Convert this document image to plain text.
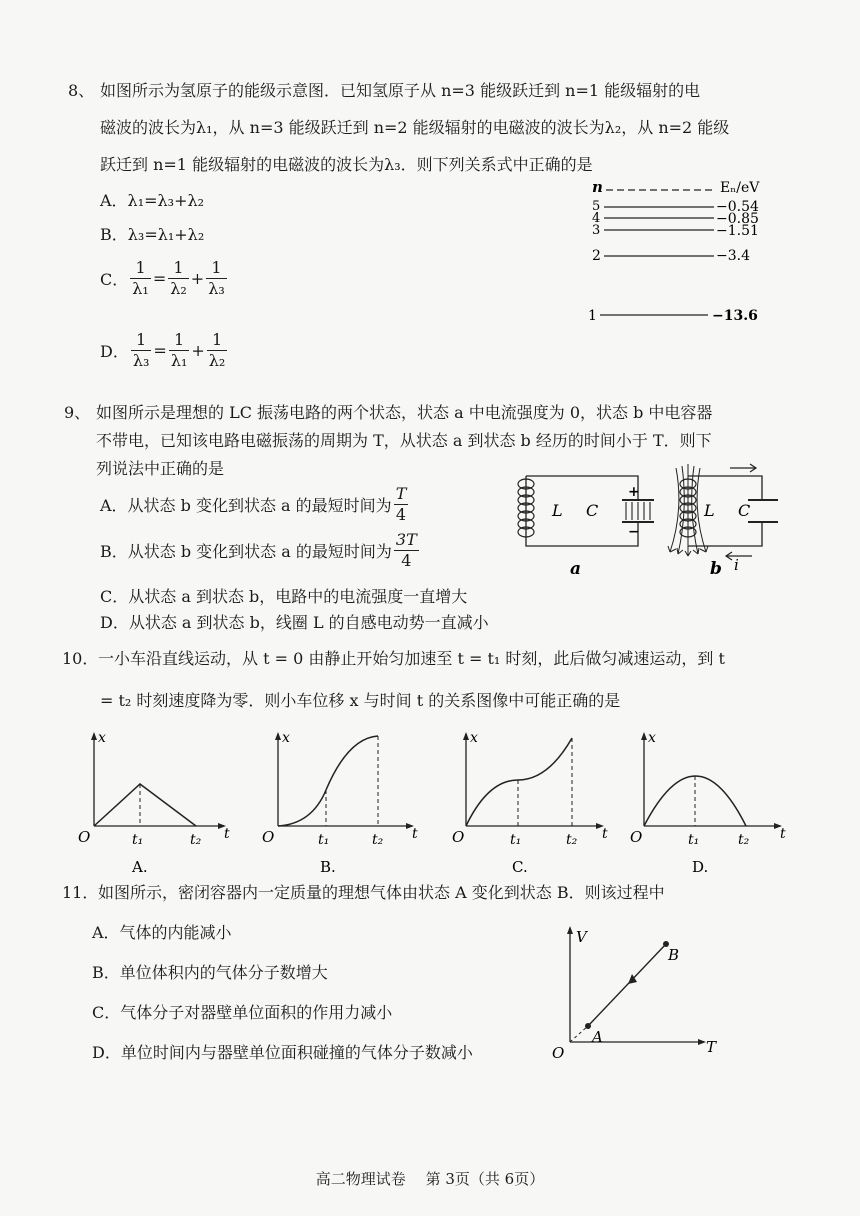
8、 如图所示为氢原子的能级示意图．已知氢原子从 n=3 能级跃迁到 n=1 能级辐射的电
磁波的波长为λ₁，从 n=3 能级跃迁到 n=2 能级辐射的电磁波的波长为λ₂，从 n=2 能级
跃迁到 n=1 能级辐射的电磁波的波长为λ₃．则下列关系式中正确的是
A．λ₁=λ₃+λ₂
B．λ₃=λ₁+λ₂
C． $\frac{1}{\text{λ₁}} = \frac{1}{\text{λ₂}} + \frac{1}{\text{λ₃}}$
D． $\frac{1}{\text{λ₃}} = \frac{1}{\text{λ₁}} + \frac{1}{\text{λ₂}}$
n	Eₙ/eV
5	−0.54
4	−0.85
3	−1.51
2	−3.4
1	−13.6
9、 如图所示是理想的 LC 振荡电路的两个状态，状态 a 中电流强度为 0，状态 b 中电容器
不带电，已知该电路电磁振荡的周期为 T，从状态 a 到状态 b 经历的时间小于 T．则下
列说法中正确的是
A．从状态 b 变化到状态 a 的最短时间为 $\frac{T}{4}$
B．从状态 b 变化到状态 a 的最短时间为 $\frac{3T}{4}$
C．从状态 a 到状态 b，电路中的电流强度一直增大
D．从状态 a 到状态 b，线圈 L 的自感电动势一直减小
L C
+
−
a
L C
b i
10． 一小车沿直线运动，从 t = 0 由静止开始匀加速至 t = t₁ 时刻，此后做匀减速运动，到 t
= t₂ 时刻速度降为零．则小车位移 x 与时间 t 的关系图像中可能正确的是
x
t
O	t₁	t₂
A.
x
t
O	t₁	t₂
B.
x
t
O	t₁	t₂
C.
x
t
O	t₁	t₂
D.
11． 如图所示，密闭容器内一定质量的理想气体由状态 A 变化到状态 B．则该过程中
A．气体的内能减小
B．单位体积内的气体分子数增大
C．气体分子对器壁单位面积的作用力减小
D．单位时间内与器壁单位面积碰撞的气体分子数减小
V
T
O
A
B
高二物理试卷　 第 3页（共 6页）
